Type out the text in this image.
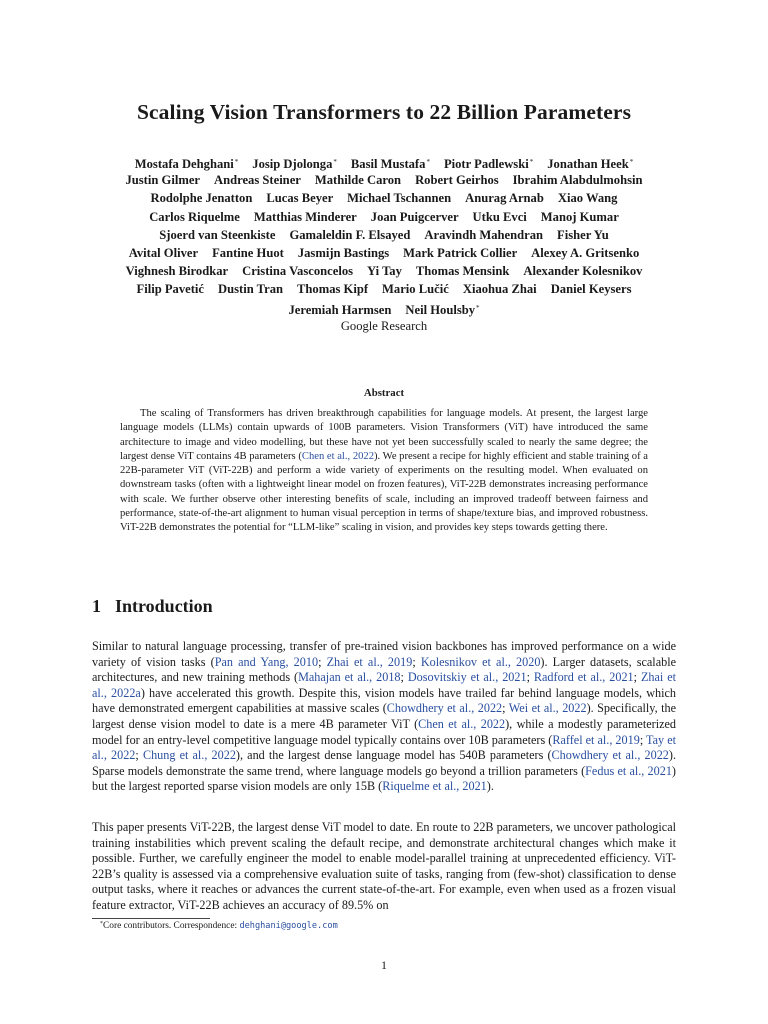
Scaling Vision Transformers to 22 Billion Parameters
Mostafa Dehghani* Josip Djolonga* Basil Mustafa* Piotr Padlewski* Jonathan Heek*
Justin Gilmer Andreas Steiner Mathilde Caron Robert Geirhos Ibrahim Alabdulmohsin
Rodolphe Jenatton Lucas Beyer Michael Tschannen Anurag Arnab Xiao Wang
Carlos Riquelme Matthias Minderer Joan Puigcerver Utku Evci Manoj Kumar
Sjoerd van Steenkiste Gamaleldin F. Elsayed Aravindh Mahendran Fisher Yu
Avital Oliver Fantine Huot Jasmijn Bastings Mark Patrick Collier Alexey A. Gritsenko
Vighnesh Birodkar Cristina Vasconcelos Yi Tay Thomas Mensink Alexander Kolesnikov
Filip Pavetić Dustin Tran Thomas Kipf Mario Lučić Xiaohua Zhai Daniel Keysers
Jeremiah Harmsen Neil Houlsby*
Google Research
Abstract
The scaling of Transformers has driven breakthrough capabilities for language models. At present, the largest large language models (LLMs) contain upwards of 100B parameters. Vision Transformers (ViT) have introduced the same architecture to image and video modelling, but these have not yet been successfully scaled to nearly the same degree; the largest dense ViT contains 4B parameters (Chen et al., 2022). We present a recipe for highly efficient and stable training of a 22B-parameter ViT (ViT-22B) and perform a wide variety of experiments on the resulting model. When evaluated on downstream tasks (often with a lightweight linear model on frozen features), ViT-22B demonstrates increasing performance with scale. We further observe other interesting benefits of scale, including an improved tradeoff between fairness and performance, state-of-the-art alignment to human visual perception in terms of shape/texture bias, and improved robustness. ViT-22B demonstrates the potential for “LLM-like” scaling in vision, and provides key steps towards getting there.
1 Introduction
Similar to natural language processing, transfer of pre-trained vision backbones has improved performance on a wide variety of vision tasks (Pan and Yang, 2010; Zhai et al., 2019; Kolesnikov et al., 2020). Larger datasets, scalable architectures, and new training methods (Mahajan et al., 2018; Dosovitskiy et al., 2021; Radford et al., 2021; Zhai et al., 2022a) have accelerated this growth. Despite this, vision models have trailed far behind language models, which have demonstrated emergent capabilities at massive scales (Chowdhery et al., 2022; Wei et al., 2022). Specifically, the largest dense vision model to date is a mere 4B parameter ViT (Chen et al., 2022), while a modestly parameterized model for an entry-level competitive language model typically contains over 10B parameters (Raffel et al., 2019; Tay et al., 2022; Chung et al., 2022), and the largest dense language model has 540B parameters (Chowdhery et al., 2022). Sparse models demonstrate the same trend, where language models go beyond a trillion parameters (Fedus et al., 2021) but the largest reported sparse vision models are only 15B (Riquelme et al., 2021).
This paper presents ViT-22B, the largest dense ViT model to date. En route to 22B parameters, we uncover pathological training instabilities which prevent scaling the default recipe, and demonstrate architectural changes which make it possible. Further, we carefully engineer the model to enable model-parallel training at unprecedented efficiency. ViT-22B’s quality is assessed via a comprehensive evaluation suite of tasks, ranging from (few-shot) classification to dense output tasks, where it reaches or advances the current state-of-the-art. For example, even when used as a frozen visual feature extractor, ViT-22B achieves an accuracy of 89.5% on
*Core contributors. Correspondence: dehghani@google.com
1
